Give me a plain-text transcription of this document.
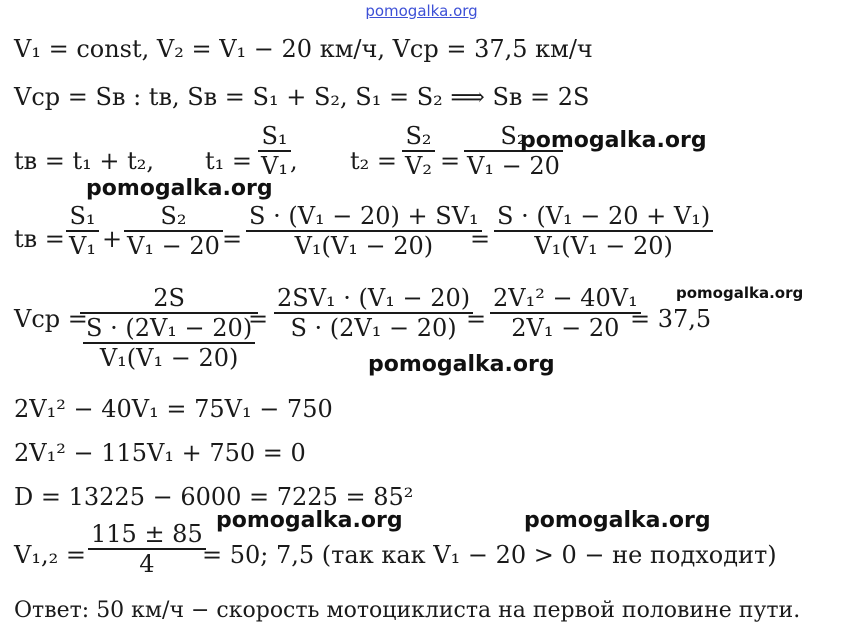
pomogalka.org
V₁ = const, V₂ = V₁ − 20 км/ч, Vср = 37,5 км/ч
Vср = Sв : tв, Sв = S₁ + S₂, S₁ = S₂ ⟹ Sв = 2S
tв = t₁ + t₂, t₁ =
S₁
V₁ , t₂ =
S₂
V₂ =
S₂
V₁ − 20
tв =
S₁
V₁ +
S₂
V₁ − 20 =
S · (V₁ − 20) + SV₁
V₁(V₁ − 20)	=
S · (V₁ − 20 + V₁)
V₁(V₁ − 20)
Vср =
2S
$\frac{\text{S · (2V₁ − 20)}}{\text{V₁(V₁ − 20)}}$
=
2SV₁ · (V₁ − 20)
S · (2V₁ − 20) =
2V₁² − 40V₁
2V₁ − 20 = 37,5
2V₁² − 40V₁ = 75V₁ − 750
2V₁² − 115V₁ + 750 = 0
D = 13225 − 6000 = 7225 = 85²
V₁,₂ =
115 ± 85
4	= 50; 7,5 (так как V₁ − 20 > 0 − не подходит)
Ответ: 50 км/ч − скорость мотоциклиста на первой половине пути.
pomogalka.org
pomogalka.org
pomogalka.org
pomogalka.org
pomogalka.org	pomogalka.org
